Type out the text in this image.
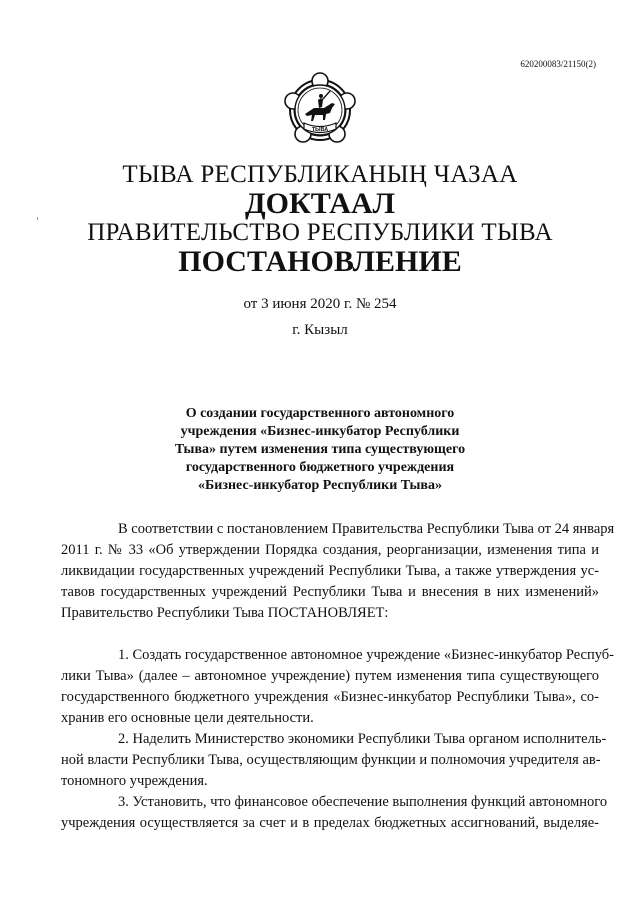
620200083/21150(2)
ТЫВА
ТЫВА РЕСПУБЛИКАНЫҢ ЧАЗАА
ДОКТААЛ
ПРАВИТЕЛЬСТВО РЕСПУБЛИКИ ТЫВА
ПОСТАНОВЛЕНИЕ
от 3 июня 2020 г. № 254
г. Кызыл
О создании государственного автономного
учреждения «Бизнес-инкубатор Республики
Тыва» путем изменения типа существующего
государственного бюджетного учреждения
«Бизнес-инкубатор Республики Тыва»
В соответствии с постановлением Правительства Республики Тыва от 24 января
2011 г. № 33 «Об утверждении Порядка создания, реорганизации, изменения типа и
ликвидации государственных учреждений Республики Тыва, а также утверждения ус-
тавов государственных учреждений Республики Тыва и внесения в них изменений»
Правительство Республики Тыва ПОСТАНОВЛЯЕТ:
1. Создать государственное автономное учреждение «Бизнес-инкубатор Респуб-
лики Тыва» (далее – автономное учреждение) путем изменения типа существующего
государственного бюджетного учреждения «Бизнес-инкубатор Республики Тыва», со-
хранив его основные цели деятельности.
2. Наделить Министерство экономики Республики Тыва органом исполнитель-
ной власти Республики Тыва, осуществляющим функции и полномочия учредителя ав-
тономного учреждения.
3. Установить, что финансовое обеспечение выполнения функций автономного
учреждения осуществляется за счет и в пределах бюджетных ассигнований, выделяе-
